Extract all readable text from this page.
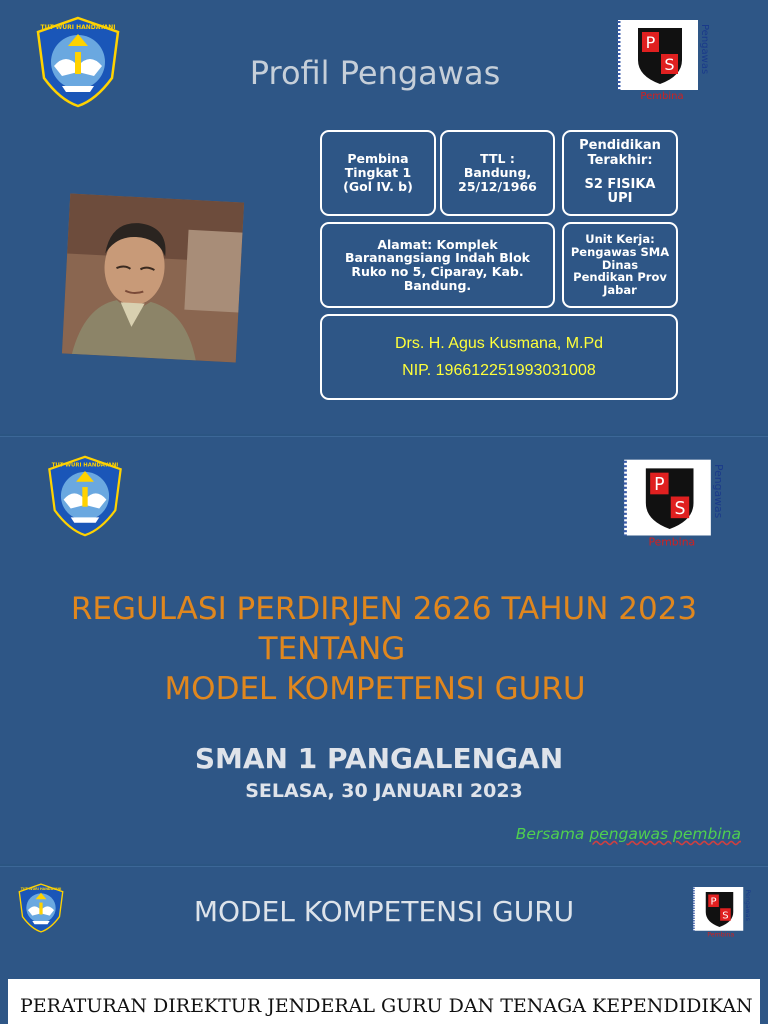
TUT WURI HANDAYANI
Profil Pengawas
P
S
Pembina
Pengawas
Pembina
Tingkat 1
(Gol IV. b)
TTL :
Bandung,
25/12/1966
Pendidikan
Terakhir:
S2 FISIKA
UPI
Alamat: Komplek
Baranangsiang Indah Blok
Ruko no 5, Ciparay, Kab.
Bandung.
Unit Kerja:
Pengawas SMA
Dinas
Pendikan Prov
Jabar
Drs. H. Agus Kusmana, M.Pd
NIP. 196612251993031008
TUT WURI HANDAYANI
P
S
Pembina
Pengawas
REGULASI PERDIRJEN 2626 TAHUN 2023
TENTANG
MODEL KOMPETENSI GURU
SMAN 1 PANGALENGAN
SELASA, 30 JANUARI 2023
Bersama pengawas pembina
TUT WURI HANDAYANI
MODEL KOMPETENSI GURU	P
S
Pembina
Pengawas
PERATURAN DIREKTUR JENDERAL GURU DAN TENAGA KEPENDIDIKAN
